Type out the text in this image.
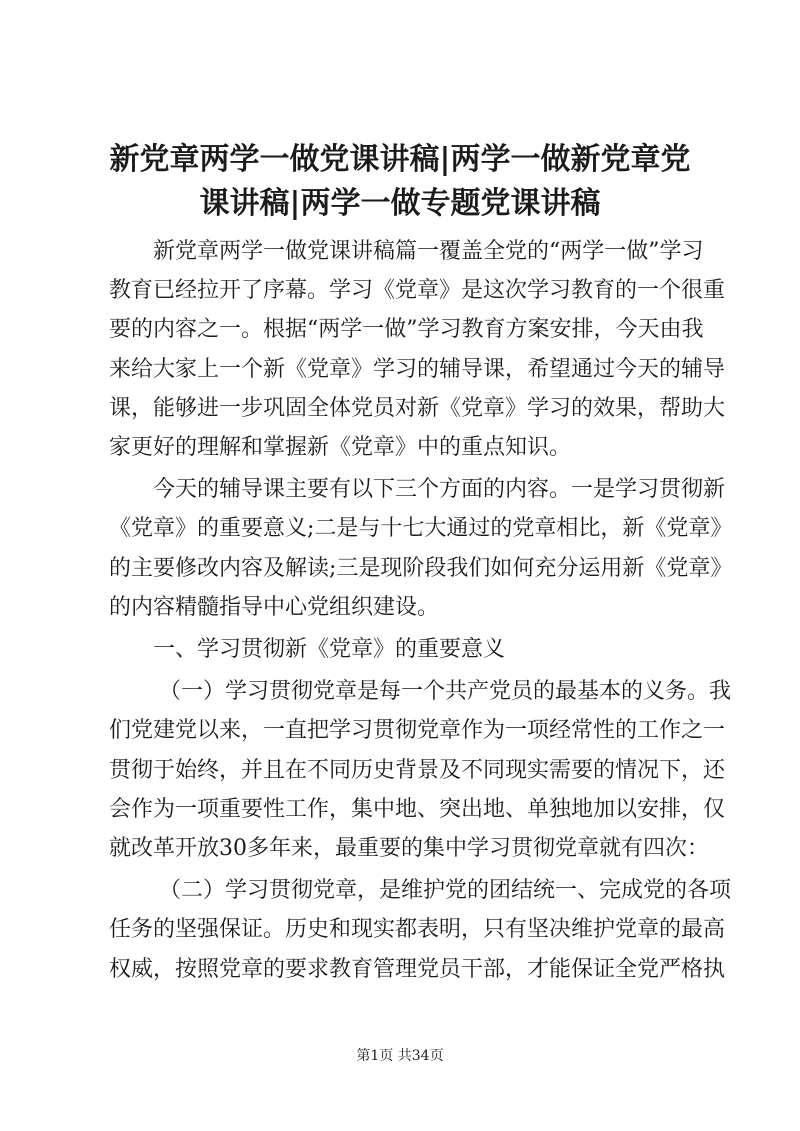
新党章两学一做党课讲稿|两学一做新党章党
课讲稿|两学一做专题党课讲稿
新党章两学一做党课讲稿篇一覆盖全党的“两学一做”学习
教育已经拉开了序幕。学习《党章》是这次学习教育的一个很重
要的内容之一。根据“两学一做”学习教育方案安排，今天由我
来给大家上一个新《党章》学习的辅导课，希望通过今天的辅导
课，能够进一步巩固全体党员对新《党章》学习的效果，帮助大
家更好的理解和掌握新《党章》中的重点知识。
今天的辅导课主要有以下三个方面的内容。一是学习贯彻新
《党章》的重要意义;二是与十七大通过的党章相比，新《党章》
的主要修改内容及解读;三是现阶段我们如何充分运用新《党章》
的内容精髓指导中心党组织建设。
一、学习贯彻新《党章》的重要意义
（一）学习贯彻党章是每一个共产党员的最基本的义务。我
们党建党以来，一直把学习贯彻党章作为一项经常性的工作之一
贯彻于始终，并且在不同历史背景及不同现实需要的情况下，还
会作为一项重要性工作，集中地、突出地、单独地加以安排，仅
就改革开放30多年来，最重要的集中学习贯彻党章就有四次：
（二）学习贯彻党章，是维护党的团结统一、完成党的各项
任务的坚强保证。历史和现实都表明，只有坚决维护党章的最高
权威，按照党章的要求教育管理党员干部，才能保证全党严格执
第1页 共34页
